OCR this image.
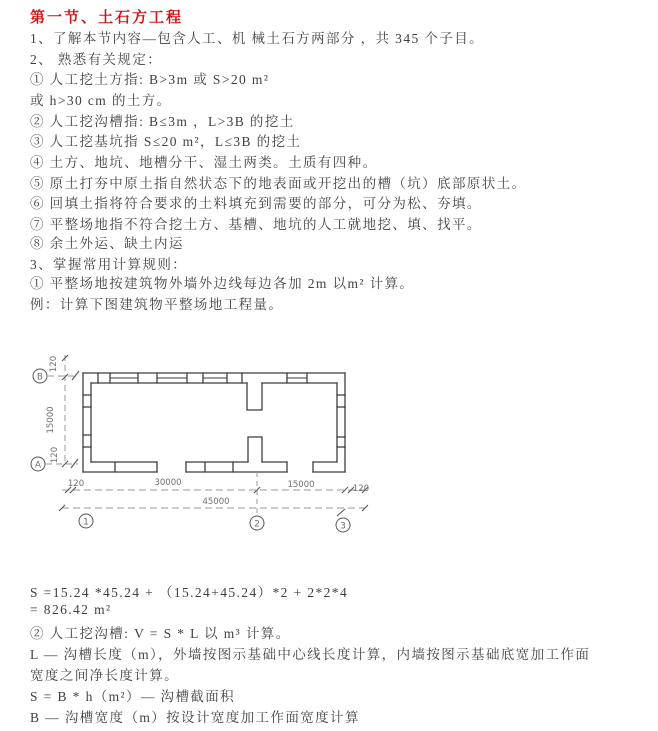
第一节、土石方工程
1、了解本节内容—包含人工、机 械土石方两部分 ，共 345 个子目。
2、 熟悉有关规定：
① 人工挖土方指: B>3m 或 S>20 m²
或 h>30 cm 的土方。
② 人工挖沟槽指: B≤3m ，L>3B 的挖土
③ 人工挖基坑指 S≤20 m²，L≤3B 的挖土
④ 土方、地坑、地槽分干、湿土两类。土质有四种。
⑤ 原土打夯中原土指自然状态下的地表面或开挖出的槽（坑）底部原状土。
⑥ 回填土指将符合要求的土料填充到需要的部分，可分为松、夯填。
⑦ 平整场地指不符合挖土方、基槽、地坑的人工就地挖、填、找平。
⑧ 余土外运、缺土内运
3、掌握常用计算规则：
① 平整场地按建筑物外墙外边线每边各加 2m 以m² 计算。
例：计算下图建筑物平整场地工程量。
B
A
1	2	3
120
15000
120
120	30000	15000	120
45000
S =15.24 *45.24 + （15.24+45.24）*2 + 2*2*4
= 826.42 m²
② 人工挖沟槽: V = S * L 以 m³ 计算。
L — 沟槽长度（m），外墙按图示基础中心线长度计算，内墙按图示基础底宽加工作面
宽度之间净长度计算。
S = B * h（m²）— 沟槽截面积
B — 沟槽宽度（m）按设计宽度加工作面宽度计算
